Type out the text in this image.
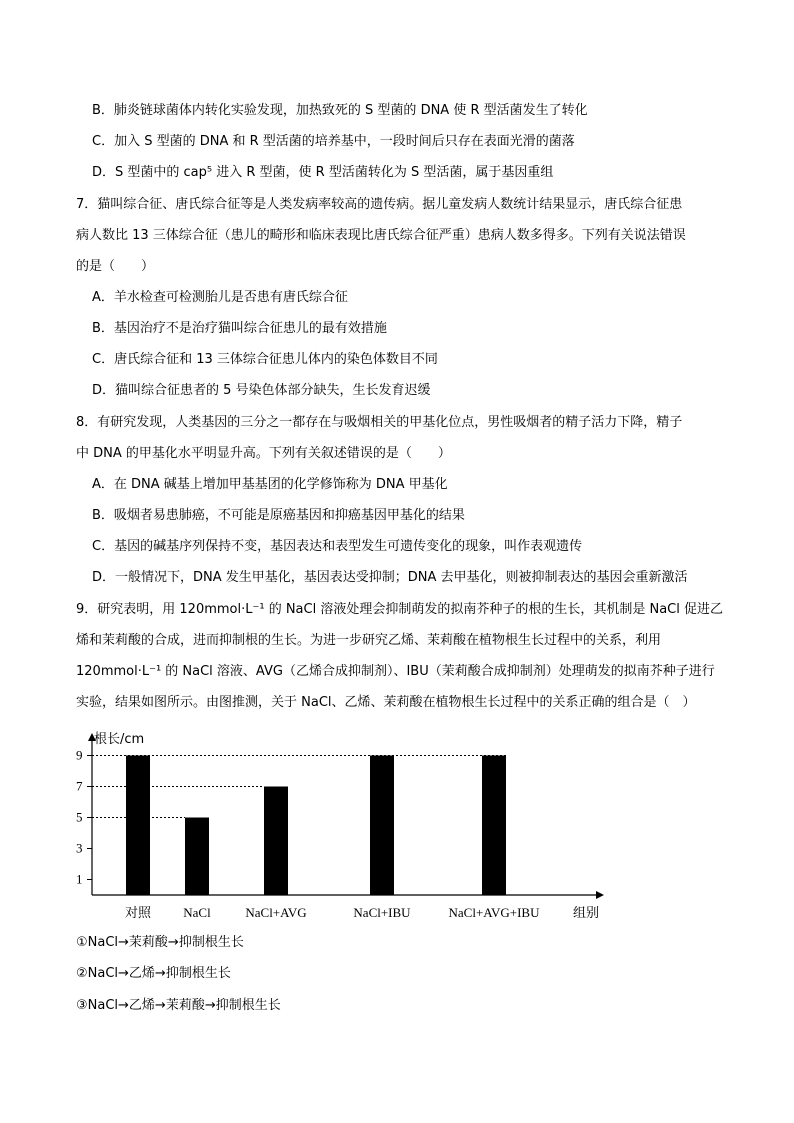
B．肺炎链球菌体内转化实验发现，加热致死的 S 型菌的 DNA 使 R 型活菌发生了转化
C．加入 S 型菌的 DNA 和 R 型活菌的培养基中，一段时间后只存在表面光滑的菌落
D．S 型菌中的 cap⁵ 进入 R 型菌，使 R 型活菌转化为 S 型活菌，属于基因重组
7．猫叫综合征、唐氏综合征等是人类发病率较高的遗传病。据儿童发病人数统计结果显示，唐氏综合征患
病人数比 13 三体综合征（患儿的畸形和临床表现比唐氏综合征严重）患病人数多得多。下列有关说法错误
的是（　　）
A．羊水检查可检测胎儿是否患有唐氏综合征
B．基因治疗不是治疗猫叫综合征患儿的最有效措施
C．唐氏综合征和 13 三体综合征患儿体内的染色体数目不同
D．猫叫综合征患者的 5 号染色体部分缺失，生长发育迟缓
8．有研究发现，人类基因的三分之一都存在与吸烟相关的甲基化位点，男性吸烟者的精子活力下降，精子
中 DNA 的甲基化水平明显升高。下列有关叙述错误的是（　　）
A．在 DNA 碱基上增加甲基基团的化学修饰称为 DNA 甲基化
B．吸烟者易患肺癌，不可能是原癌基因和抑癌基因甲基化的结果
C．基因的碱基序列保持不变，基因表达和表型发生可遗传变化的现象，叫作表观遗传
D．一般情况下，DNA 发生甲基化，基因表达受抑制；DNA 去甲基化，则被抑制表达的基因会重新激活
9．研究表明，用 120mmol·L⁻¹ 的 NaCl 溶液处理会抑制萌发的拟南芥种子的根的生长，其机制是 NaCl 促进乙
烯和茉莉酸的合成，进而抑制根的生长。为进一步研究乙烯、茉莉酸在植物根生长过程中的关系，利用
120mmol·L⁻¹ 的 NaCl 溶液、AVG（乙烯合成抑制剂）、IBU（茉莉酸合成抑制剂）处理萌发的拟南芥种子进行
实验，结果如图所示。由图推测，关于 NaCl、乙烯、茉莉酸在植物根生长过程中的关系正确的组合是（　）
根长/cm
组别
1
3
5
7
9
对照 NaCl	NaCl+AVG	NaCl+IBU	NaCl+AVG+IBU
①NaCl→茉莉酸→抑制根生长
②NaCl→乙烯→抑制根生长
③NaCl→乙烯→茉莉酸→抑制根生长
